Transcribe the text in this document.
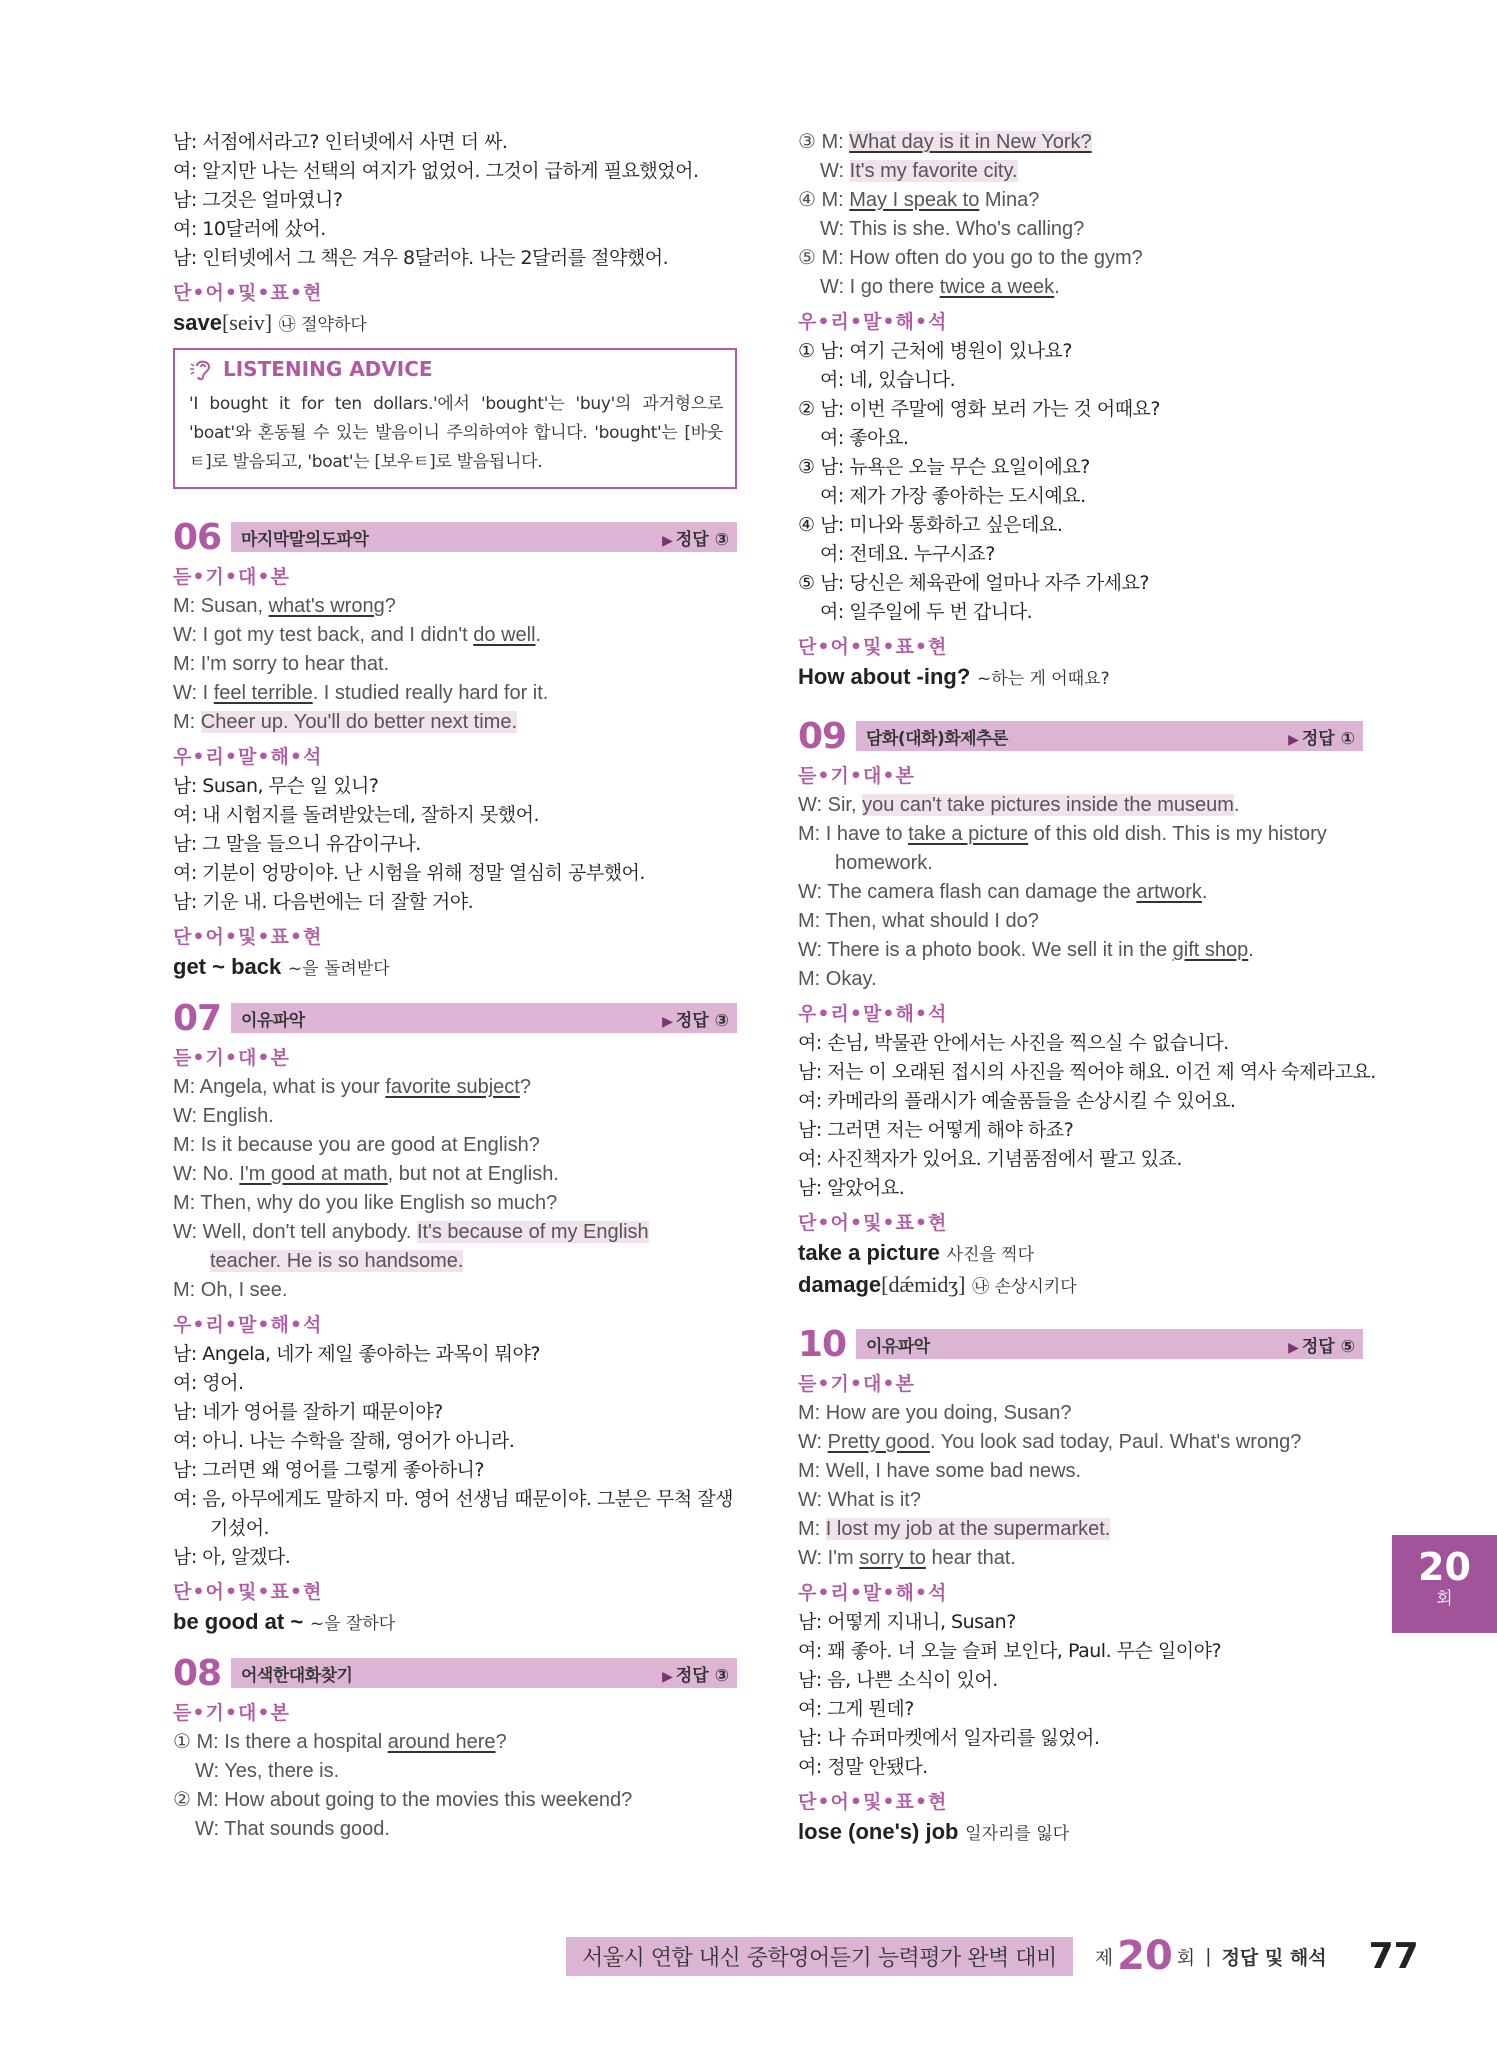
남: 서점에서라고? 인터넷에서 사면 더 싸.
여: 알지만 나는 선택의 여지가 없었어. 그것이 급하게 필요했었어.
남: 그것은 얼마였니?
여: 10달러에 샀어.
남: 인터넷에서 그 책은 겨우 8달러야. 나는 2달러를 절약했어.
단•어•및•표•현
save[seiv] ㉯ 절약하다
LISTENING ADVICE
'I bought it for ten dollars.'에서 'bought'는 'buy'의 과거형으로 'boat'와 혼동될 수 있는 발음이니 주의하여야 합니다. 'bought'는 [바웃ㅌ]로 발음되고, 'boat'는 [보우ㅌ]로 발음됩니다.
06	마지막말의도파악	▶ 정답 ③
듣•기•대•본
M: Susan, what's wrong?
W: I got my test back, and I didn't do well.
M: I'm sorry to hear that.
W: I feel terrible. I studied really hard for it.
M: Cheer up. You'll do better next time.
우•리•말•해•석
남: Susan, 무슨 일 있니?
여: 내 시험지를 돌려받았는데, 잘하지 못했어.
남: 그 말을 들으니 유감이구나.
여: 기분이 엉망이야. 난 시험을 위해 정말 열심히 공부했어.
남: 기운 내. 다음번에는 더 잘할 거야.
단•어•및•표•현
get ~ back ~을 돌려받다
07	이유파악	▶ 정답 ③
듣•기•대•본
M: Angela, what is your favorite subject?
W: English.
M: Is it because you are good at English?
W: No. I'm good at math, but not at English.
M: Then, why do you like English so much?
W: Well, don't tell anybody. It's because of my English
teacher. He is so handsome.
M: Oh, I see.
우•리•말•해•석
남: Angela, 네가 제일 좋아하는 과목이 뭐야?
여: 영어.
남: 네가 영어를 잘하기 때문이야?
여: 아니. 나는 수학을 잘해, 영어가 아니라.
남: 그러면 왜 영어를 그렇게 좋아하니?
여: 음, 아무에게도 말하지 마. 영어 선생님 때문이야. 그분은 무척 잘생
기셨어.
남: 아, 알겠다.
단•어•및•표•현
be good at ~ ~을 잘하다
08	어색한대화찾기	▶ 정답 ③
듣•기•대•본
① M: Is there a hospital around here?
W: Yes, there is.
② M: How about going to the movies this weekend?
W: That sounds good.
③ M: What day is it in New York?
W: It's my favorite city.
④ M: May I speak to Mina?
W: This is she. Who's calling?
⑤ M: How often do you go to the gym?
W: I go there twice a week.
우•리•말•해•석
① 남: 여기 근처에 병원이 있나요?
여: 네, 있습니다.
② 남: 이번 주말에 영화 보러 가는 것 어때요?
여: 좋아요.
③ 남: 뉴욕은 오늘 무슨 요일이에요?
여: 제가 가장 좋아하는 도시예요.
④ 남: 미나와 통화하고 싶은데요.
여: 전데요. 누구시죠?
⑤ 남: 당신은 체육관에 얼마나 자주 가세요?
여: 일주일에 두 번 갑니다.
단•어•및•표•현
How about -ing? ~하는 게 어때요?
09	담화(대화)화제추론	▶ 정답 ①
듣•기•대•본
W: Sir, you can't take pictures inside the museum.
M: I have to take a picture of this old dish. This is my history
homework.
W: The camera flash can damage the artwork.
M: Then, what should I do?
W: There is a photo book. We sell it in the gift shop.
M: Okay.
우•리•말•해•석
여: 손님, 박물관 안에서는 사진을 찍으실 수 없습니다.
남: 저는 이 오래된 접시의 사진을 찍어야 해요. 이건 제 역사 숙제라고요.
여: 카메라의 플래시가 예술품들을 손상시킬 수 있어요.
남: 그러면 저는 어떻게 해야 하죠?
여: 사진책자가 있어요. 기념품점에서 팔고 있죠.
남: 알았어요.
단•어•및•표•현
take a picture 사진을 찍다
damage[dǽmidʒ] ㉯ 손상시키다
10	이유파악	▶ 정답 ⑤
듣•기•대•본
M: How are you doing, Susan?
W: Pretty good. You look sad today, Paul. What's wrong?
M: Well, I have some bad news.
W: What is it?
M: I lost my job at the supermarket.
W: I'm sorry to hear that.
우•리•말•해•석
남: 어떻게 지내니, Susan?
여: 꽤 좋아. 너 오늘 슬퍼 보인다, Paul. 무슨 일이야?
남: 음, 나쁜 소식이 있어.
여: 그게 뭔데?
남: 나 슈퍼마켓에서 일자리를 잃었어.
여: 정말 안됐다.
단•어•및•표•현
lose (one's) job 일자리를 잃다
20
회
서울시 연합 내신 중학영어듣기 능력평가 완벽 대비	제 20 회 | 정답 및 해석 77
